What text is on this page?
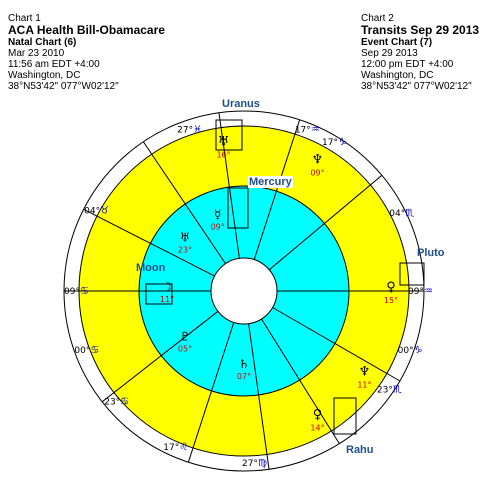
Chart 1
ACA Health Bill-Obamacare
Natal Chart (6)
Mar 23 2010
11:56 am EDT +4:00
Washington, DC
38°N53'42" 077°W02'12"
Chart 2
Transits Sep 29 2013
Event Chart (7)
Sep 29 2013
12:00 pm EDT +4:00
Washington, DC
38°N53'42" 077°W02'12"
27° ♓	17° ♒
04° ♉
09° ♋
00° ♋
23° ♋
17° ♌
27° ♍
17° ♑
04° ♏
09° ♒
00° ♑
23° ♏
♅
16°	♆
09°
♀
15°
♆
11°
♀
14°
☽
11°
♇
05°
♄
07°
☿
09°
♅
23°
Uranus
Mercury
Moon
Pluto
Rahu
